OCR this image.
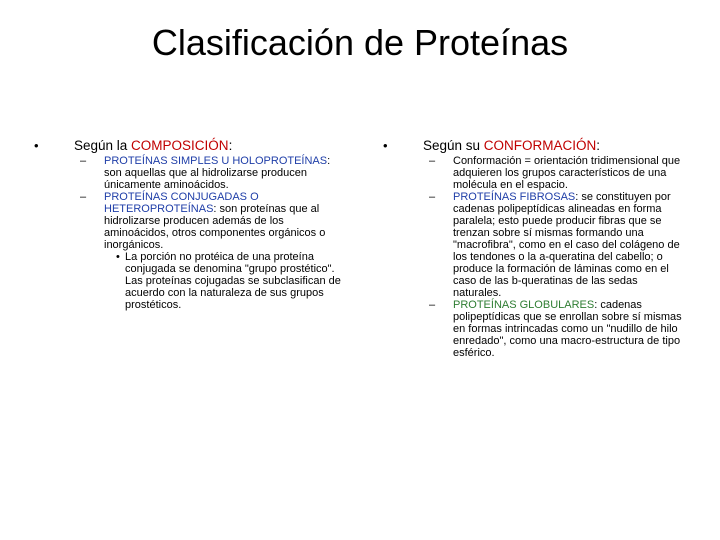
Clasificación de Proteínas
•	Según la COMPOSICIÓN:
– PROTEÍNAS SIMPLES U HOLOPROTEÍNAS: son aquellas que al hidrolizarse producen únicamente aminoácidos.
– PROTEÍNAS CONJUGADAS O HETEROPROTEÍNAS: son proteínas que al hidrolizarse producen además de los aminoácidos, otros componentes orgánicos o inorgánicos.
• La porción no protéica de una proteína conjugada se denomina "grupo prostético". Las proteínas cojugadas se subclasifican de acuerdo con la naturaleza de sus grupos prostéticos.
•	Según su CONFORMACIÓN:
– Conformación = orientación tridimensional que adquieren los grupos característicos de una molécula en el espacio.
– PROTEÍNAS FIBROSAS: se constituyen por cadenas polipeptídicas alineadas en forma paralela; esto puede producir fibras que se trenzan sobre sí mismas formando una "macrofibra", como en el caso del colágeno de los tendones o la a-queratina del cabello; o produce la formación de láminas como en el caso de las b-queratinas de las sedas naturales.
– PROTEÍNAS GLOBULARES: cadenas polipeptídicas que se enrollan sobre sí mismas en formas intrincadas como un "nudillo de hilo enredado", como una macro-estructura de tipo esférico.
